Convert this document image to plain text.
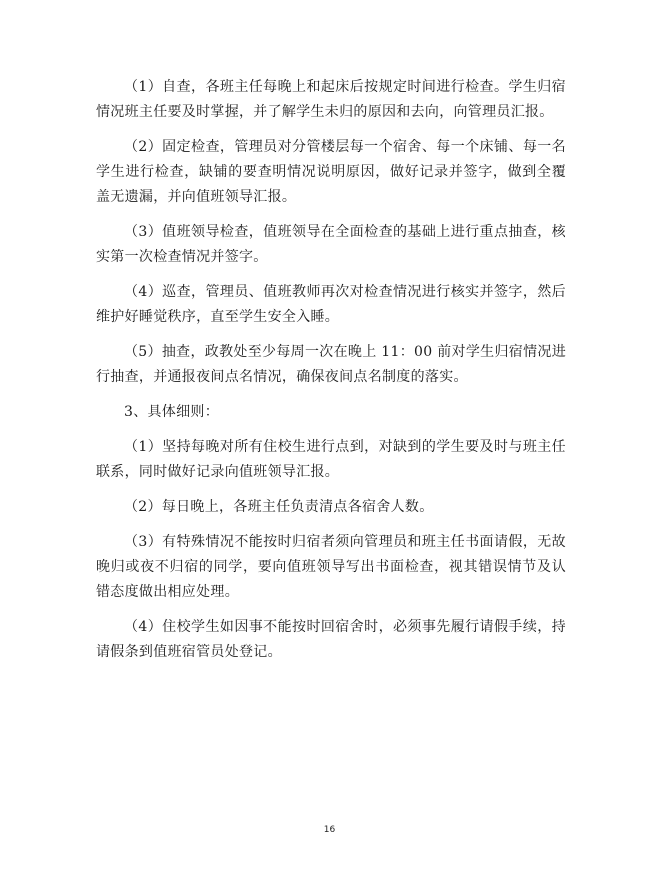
（1）自查，各班主任每晚上和起床后按规定时间进行检查。学生归宿情况班主任要及时掌握，并了解学生未归的原因和去向，向管理员汇报。

（2）固定检查，管理员对分管楼层每一个宿舍、每一个床铺、每一名学生进行检查，缺铺的要查明情况说明原因，做好记录并签字，做到全覆盖无遗漏，并向值班领导汇报。

（3）值班领导检查，值班领导在全面检查的基础上进行重点抽查，核实第一次检查情况并签字。

（4）巡查，管理员、值班教师再次对检查情况进行核实并签字，然后维护好睡觉秩序，直至学生安全入睡。

（5）抽查，政教处至少每周一次在晚上 11：00 前对学生归宿情况进行抽查，并通报夜间点名情况，确保夜间点名制度的落实。

3、具体细则：

（1）坚持每晚对所有住校生进行点到，对缺到的学生要及时与班主任联系，同时做好记录向值班领导汇报。

（2）每日晚上，各班主任负责清点各宿舍人数。

（3）有特殊情况不能按时归宿者须向管理员和班主任书面请假，无故晚归或夜不归宿的同学，要向值班领导写出书面检查，视其错误情节及认错态度做出相应处理。

（4）住校学生如因事不能按时回宿舍时，必须事先履行请假手续，持请假条到值班宿管员处登记。

16
